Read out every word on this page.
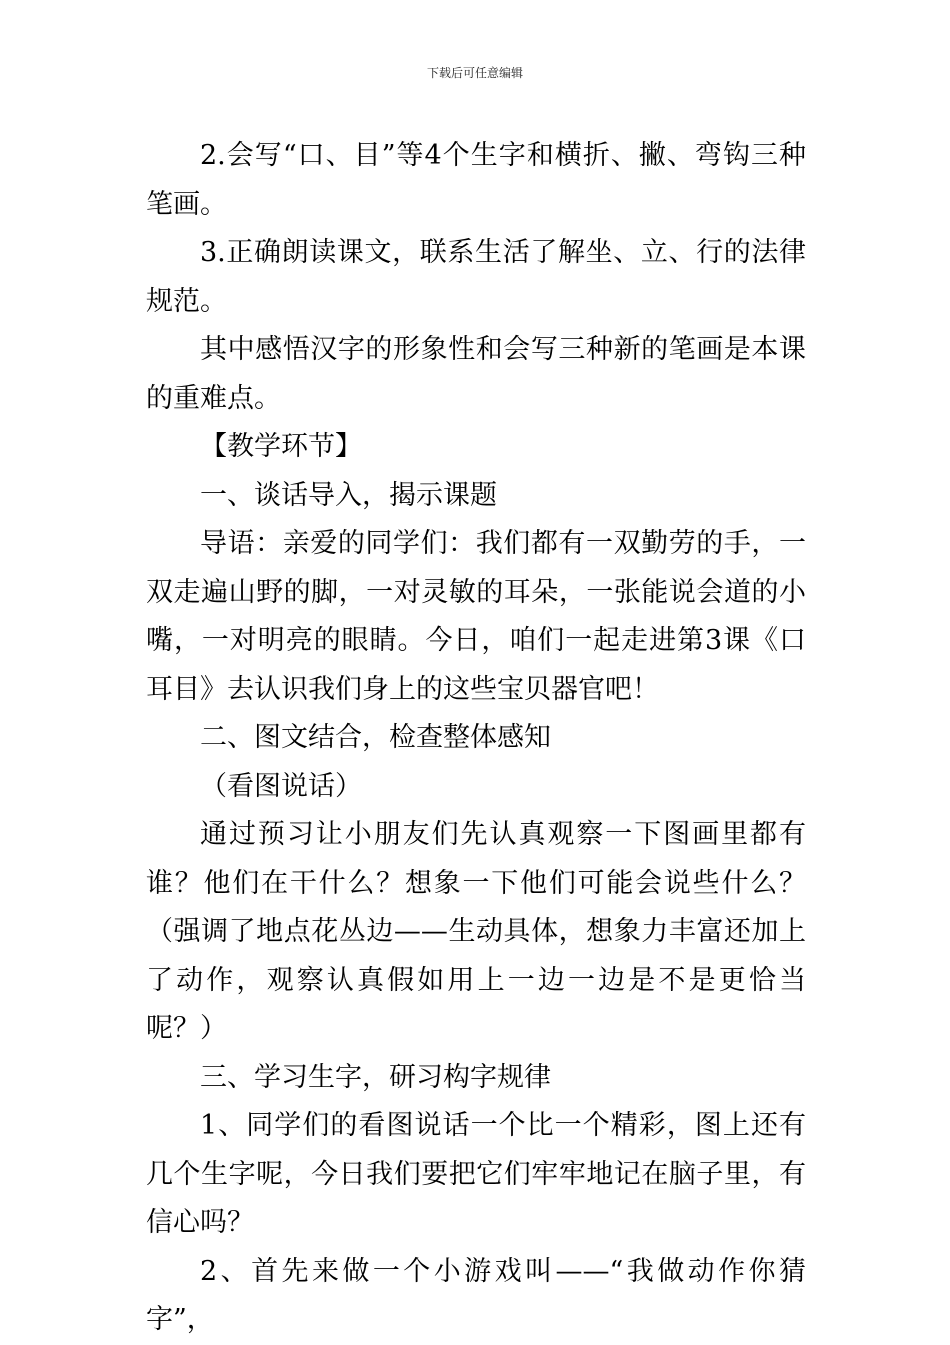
下载后可任意编辑

2.会写“口、目”等4个生字和横折、撇、弯钩三种笔画。

3.正确朗读课文，联系生活了解坐、立、行的法律规范。

其中感悟汉字的形象性和会写三种新的笔画是本课的重难点。

【教学环节】

一、谈话导入，揭示课题

导语：亲爱的同学们：我们都有一双勤劳的手，一双走遍山野的脚，一对灵敏的耳朵，一张能说会道的小嘴，一对明亮的眼睛。今日，咱们一起走进第3课《口耳目》去认识我们身上的这些宝贝器官吧！

二、图文结合，检查整体感知

（看图说话）

通过预习让小朋友们先认真观察一下图画里都有谁？他们在干什么？想象一下他们可能会说些什么？（强调了地点花丛边——生动具体，想象力丰富还加上了动作，观察认真假如用上一边一边是不是更恰当呢？）

三、学习生字，研习构字规律

1、同学们的看图说话一个比一个精彩，图上还有几个生字呢，今日我们要把它们牢牢地记在脑子里，有信心吗？

2、首先来做一个小游戏叫——“我做动作你猜字”，
